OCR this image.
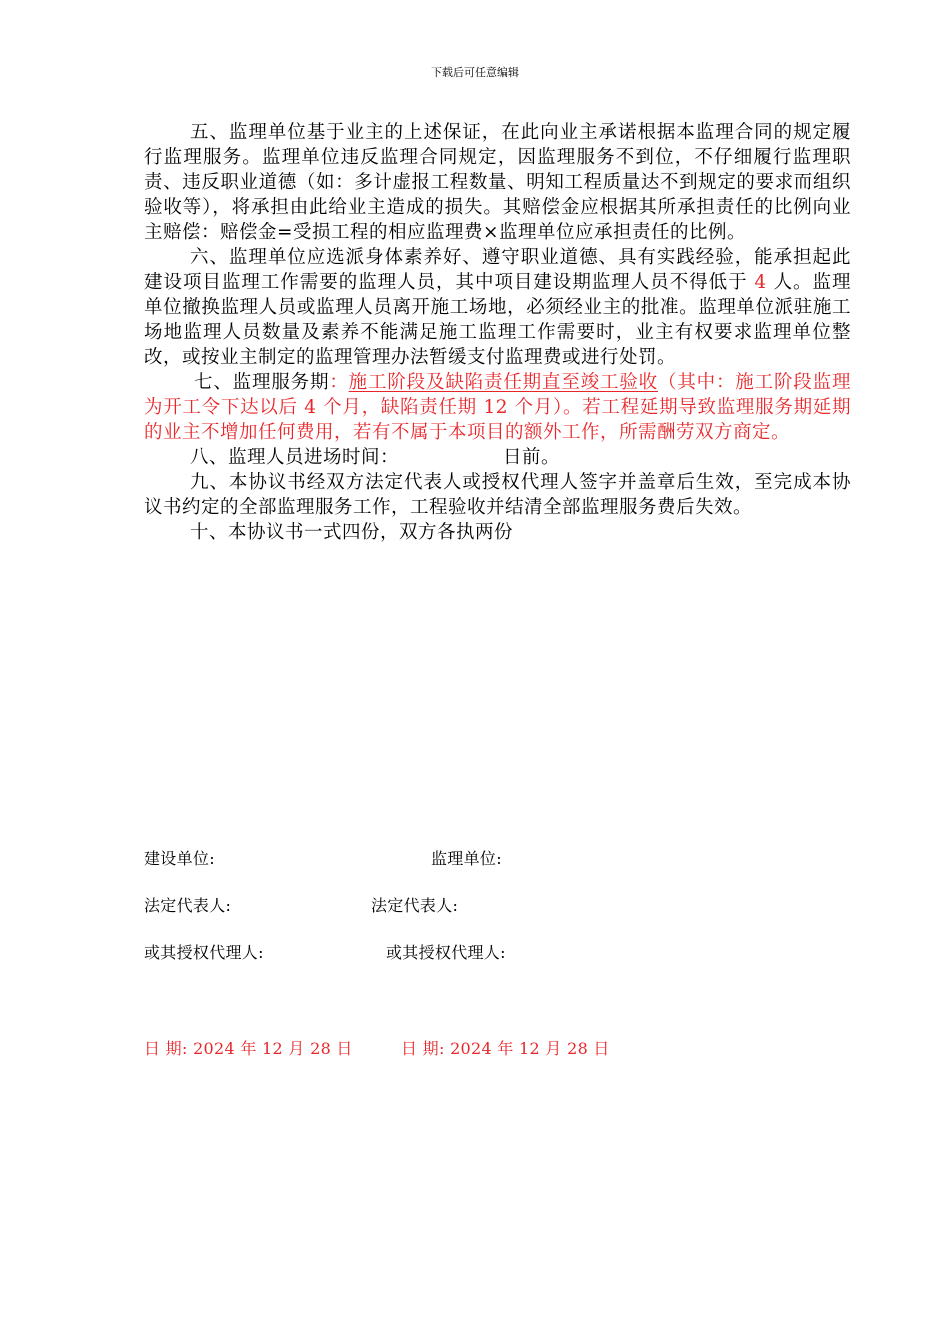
下载后可任意编辑

五、监理单位基于业主的上述保证，在此向业主承诺根据本监理合同的规定履行监理服务。监理单位违反监理合同规定，因监理服务不到位，不仔细履行监理职责、违反职业道德（如：多计虚报工程数量、明知工程质量达不到规定的要求而组织验收等），将承担由此给业主造成的损失。其赔偿金应根据其所承担责任的比例向业主赔偿：赔偿金=受损工程的相应监理费×监理单位应承担责任的比例。

六、监理单位应选派身体素养好、遵守职业道德、具有实践经验，能承担起此建设项目监理工作需要的监理人员，其中项目建设期监理人员不得低于 4 人。监理单位撤换监理人员或监理人员离开施工场地，必须经业主的批准。监理单位派驻施工场地监理人员数量及素养不能满足施工监理工作需要时，业主有权要求监理单位整改，或按业主制定的监理管理办法暂缓支付监理费或进行处罚。

七、监理服务期：施工阶段及缺陷责任期直至竣工验收（其中：施工阶段监理为开工令下达以后 4 个月，缺陷责任期 12 个月）。若工程延期导致监理服务期延期的业主不增加任何费用，若有不属于本项目的额外工作，所需酬劳双方商定。

八、监理人员进场时间：	日前。

九、本协议书经双方法定代表人或授权代理人签字并盖章后生效，至完成本协议书约定的全部监理服务工作，工程验收并结清全部监理服务费后失效。

十、本协议书一式四份，双方各执两份

建设单位:	监理单位:
法定代表人:	法定代表人:
或其授权代理人:	或其授权代理人:
日 期: 2024 年 12 月 28 日	日 期: 2024 年 12 月 28 日
